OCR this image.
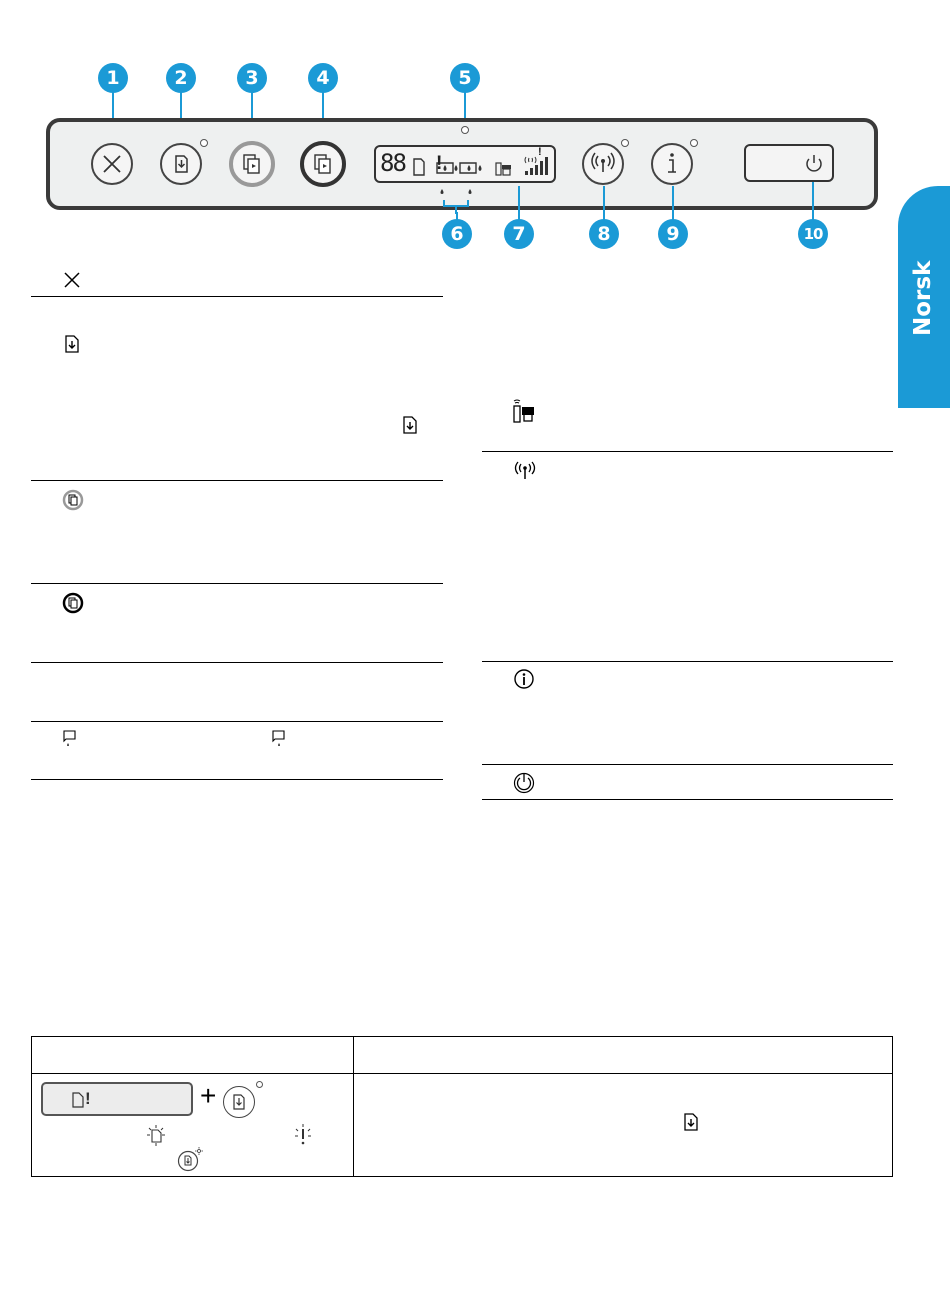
Norsk
1	2	3	4	5
88 !
!
6	7	8	9	10
!	+
